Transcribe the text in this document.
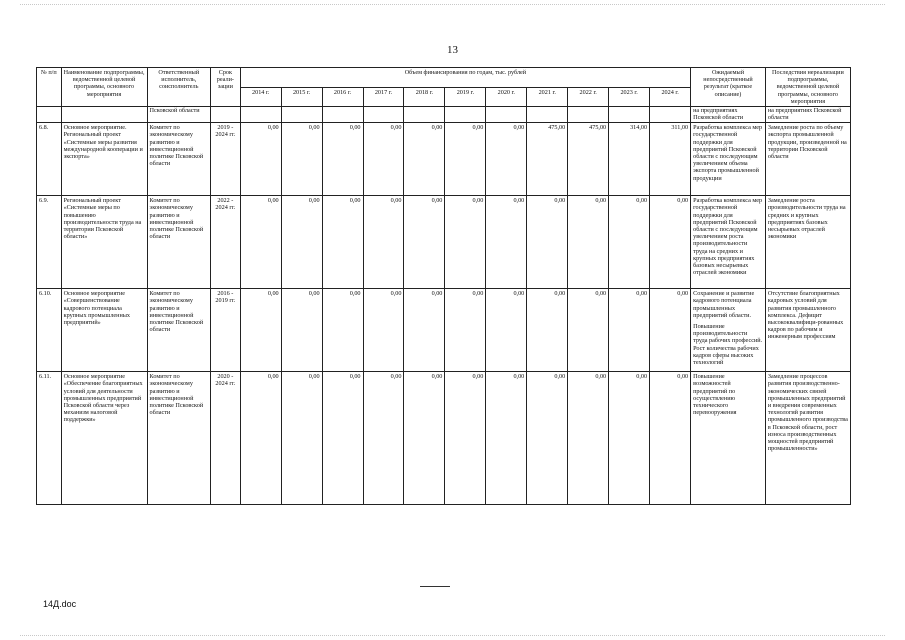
13
№ п/п	Наименование подпрограммы, ведомственной целевой программы, основного мероприятия	Ответственный исполнитель, соисполнитель	Срок реали-зации	Объем финансирования по годам, тыс. рублей											Ожидаемый непосредственный результат (краткое описание)	Последствия нереализации подпрограммы, ведомственной целевой программы, основного мероприятия
				2014 г.	2015 г.	2016 г.	2017 г.	2018 г.	2019 г.	2020 г.	2021 г.	2022 г.	2023 г.	2024 г.		
		Псковской области													на предприятиях Псковской области	на предприятиях Псковской области
6.8.	Основное мероприятие. Региональный проект «Системные меры развития международной кооперации и экспорта»	Комитет по экономическому развитию и инвестиционной политике Псковской области	2019 - 2024 гг.	0,00	0,00	0,00	0,00	0,00	0,00	0,00	475,00	475,00	314,00	311,00	Разработка комплекса мер государственной поддержки для предприятий Псковской области с последующим увеличением объема экспорта промышленной продукции	Замедление роста по объему экспорта промышленной продукции, произведенной на территории Псковской области
6.9.	Региональный проект «Системные меры по повышению производительности труда на территории Псковской области»	Комитет по экономическому развитию и инвестиционной политике Псковской области	2022 - 2024 гг.	0,00	0,00	0,00	0,00	0,00	0,00	0,00	0,00	0,00	0,00	0,00	Разработка комплекса мер государственной поддержки для предприятий Псковской области с последующим увеличением роста производительности труда на средних и крупных предприятиях базовых несырьевых отраслей экономики	Замедление роста производительности труда на средних и крупных предприятиях базовых несырьевых отраслей экономики
6.10.	Основное мероприятие «Совершенствование кадрового потенциала крупных промышленных предприятий»	Комитет по экономическому развитию и инвестиционной политике Псковской области	2016 - 2019 гг.	0,00	0,00	0,00	0,00	0,00	0,00	0,00	0,00	0,00	0,00	0,00	Сохранение и развитие кадрового потенциала промышленных предприятий области.
Повышение производительности труда рабочих профессий. Рост количества рабочих кадров сферы высоких технологий	Отсутствие благоприятных кадровых условий для развития промышленного комплекса. Дефицит высококвалифици-рованных кадров по рабочим и инженерным профессиям
6.11.	Основное мероприятие «Обеспечение благоприятных условий для деятельности промышленных предприятий Псковской области через механизм налоговой поддержки»	Комитет по экономическому развитию и инвестиционной политике Псковской области	2020 - 2024 гг.	0,00	0,00	0,00	0,00	0,00	0,00	0,00	0,00	0,00	0,00	0,00	Повышение возможностей предприятий по осуществлению технического перевооружения	Замедление процессов развития производственно-экономических связей промышленных предприятий и внедрения современных технологий развития промышленного производства в Псковской области, рост износа производственных мощностей предприятий промышленности»
14Д.doc
